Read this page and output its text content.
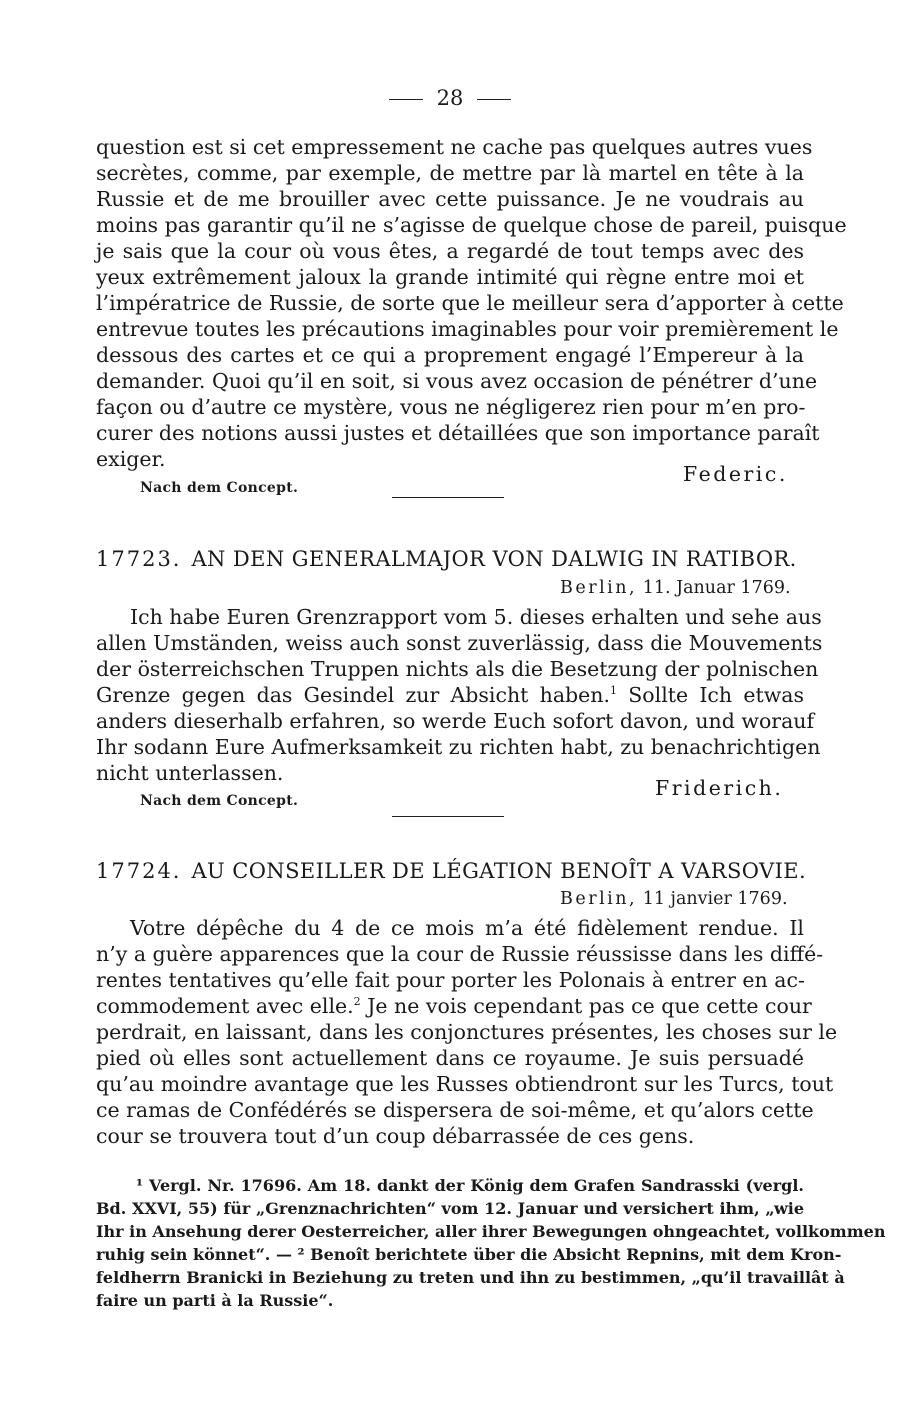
28
question est si cet empressement ne cache pas quelques autres vues
secrètes, comme, par exemple, de mettre par là martel en tête à la
Russie et de me brouiller avec cette puissance. Je ne voudrais au
moins pas garantir qu’il ne s’agisse de quelque chose de pareil, puisque
je sais que la cour où vous êtes, a regardé de tout temps avec des
yeux extrêmement jaloux la grande intimité qui règne entre moi et
l’impératrice de Russie, de sorte que le meilleur sera d’apporter à cette
entrevue toutes les précautions imaginables pour voir premièrement le
dessous des cartes et ce qui a proprement engagé l’Empereur à la
demander. Quoi qu’il en soit, si vous avez occasion de pénétrer d’une
façon ou d’autre ce mystère, vous ne négligerez rien pour m’en pro-
curer des notions aussi justes et détaillées que son importance paraît
exiger.
Federic.
Nach dem Concept.
17723. AN DEN GENERALMAJOR VON DALWIG IN RATIBOR.
Berlin, 11. Januar 1769.
Ich habe Euren Grenzrapport vom 5. dieses erhalten und sehe aus
allen Umständen, weiss auch sonst zuverlässig, dass die Mouvements
der österreichschen Truppen nichts als die Besetzung der polnischen
Grenze gegen das Gesindel zur Absicht haben.$^1$ Sollte Ich etwas
anders dieserhalb erfahren, so werde Euch sofort davon, und worauf
Ihr sodann Eure Aufmerksamkeit zu richten habt, zu benachrichtigen
nicht unterlassen.
Friderich.
Nach dem Concept.
17724. AU CONSEILLER DE LÉGATION BENOÎT A VARSOVIE.
Berlin, 11 janvier 1769.
Votre dépêche du 4 de ce mois m’a été fidèlement rendue. Il
n’y a guère apparences que la cour de Russie réussisse dans les diffé-
rentes tentatives qu’elle fait pour porter les Polonais à entrer en ac-
commodement avec elle.$^2$ Je ne vois cependant pas ce que cette cour
perdrait, en laissant, dans les conjonctures présentes, les choses sur le
pied où elles sont actuellement dans ce royaume. Je suis persuadé
qu’au moindre avantage que les Russes obtiendront sur les Turcs, tout
ce ramas de Confédérés se dispersera de soi-même, et qu’alors cette
cour se trouvera tout d’un coup débarrassée de ces gens.
¹ Vergl. Nr. 17696. Am 18. dankt der König dem Grafen Sandrasski (vergl.
Bd. XXVI, 55) für „Grenznachrichten“ vom 12. Januar und versichert ihm, „wie
Ihr in Ansehung derer Oesterreicher, aller ihrer Bewegungen ohngeachtet, vollkommen
ruhig sein könnet“. — ² Benoît berichtete über die Absicht Repnins, mit dem Kron-
feldherrn Branicki in Beziehung zu treten und ihn zu bestimmen, „qu’il travaillât à
faire un parti à la Russie“.
